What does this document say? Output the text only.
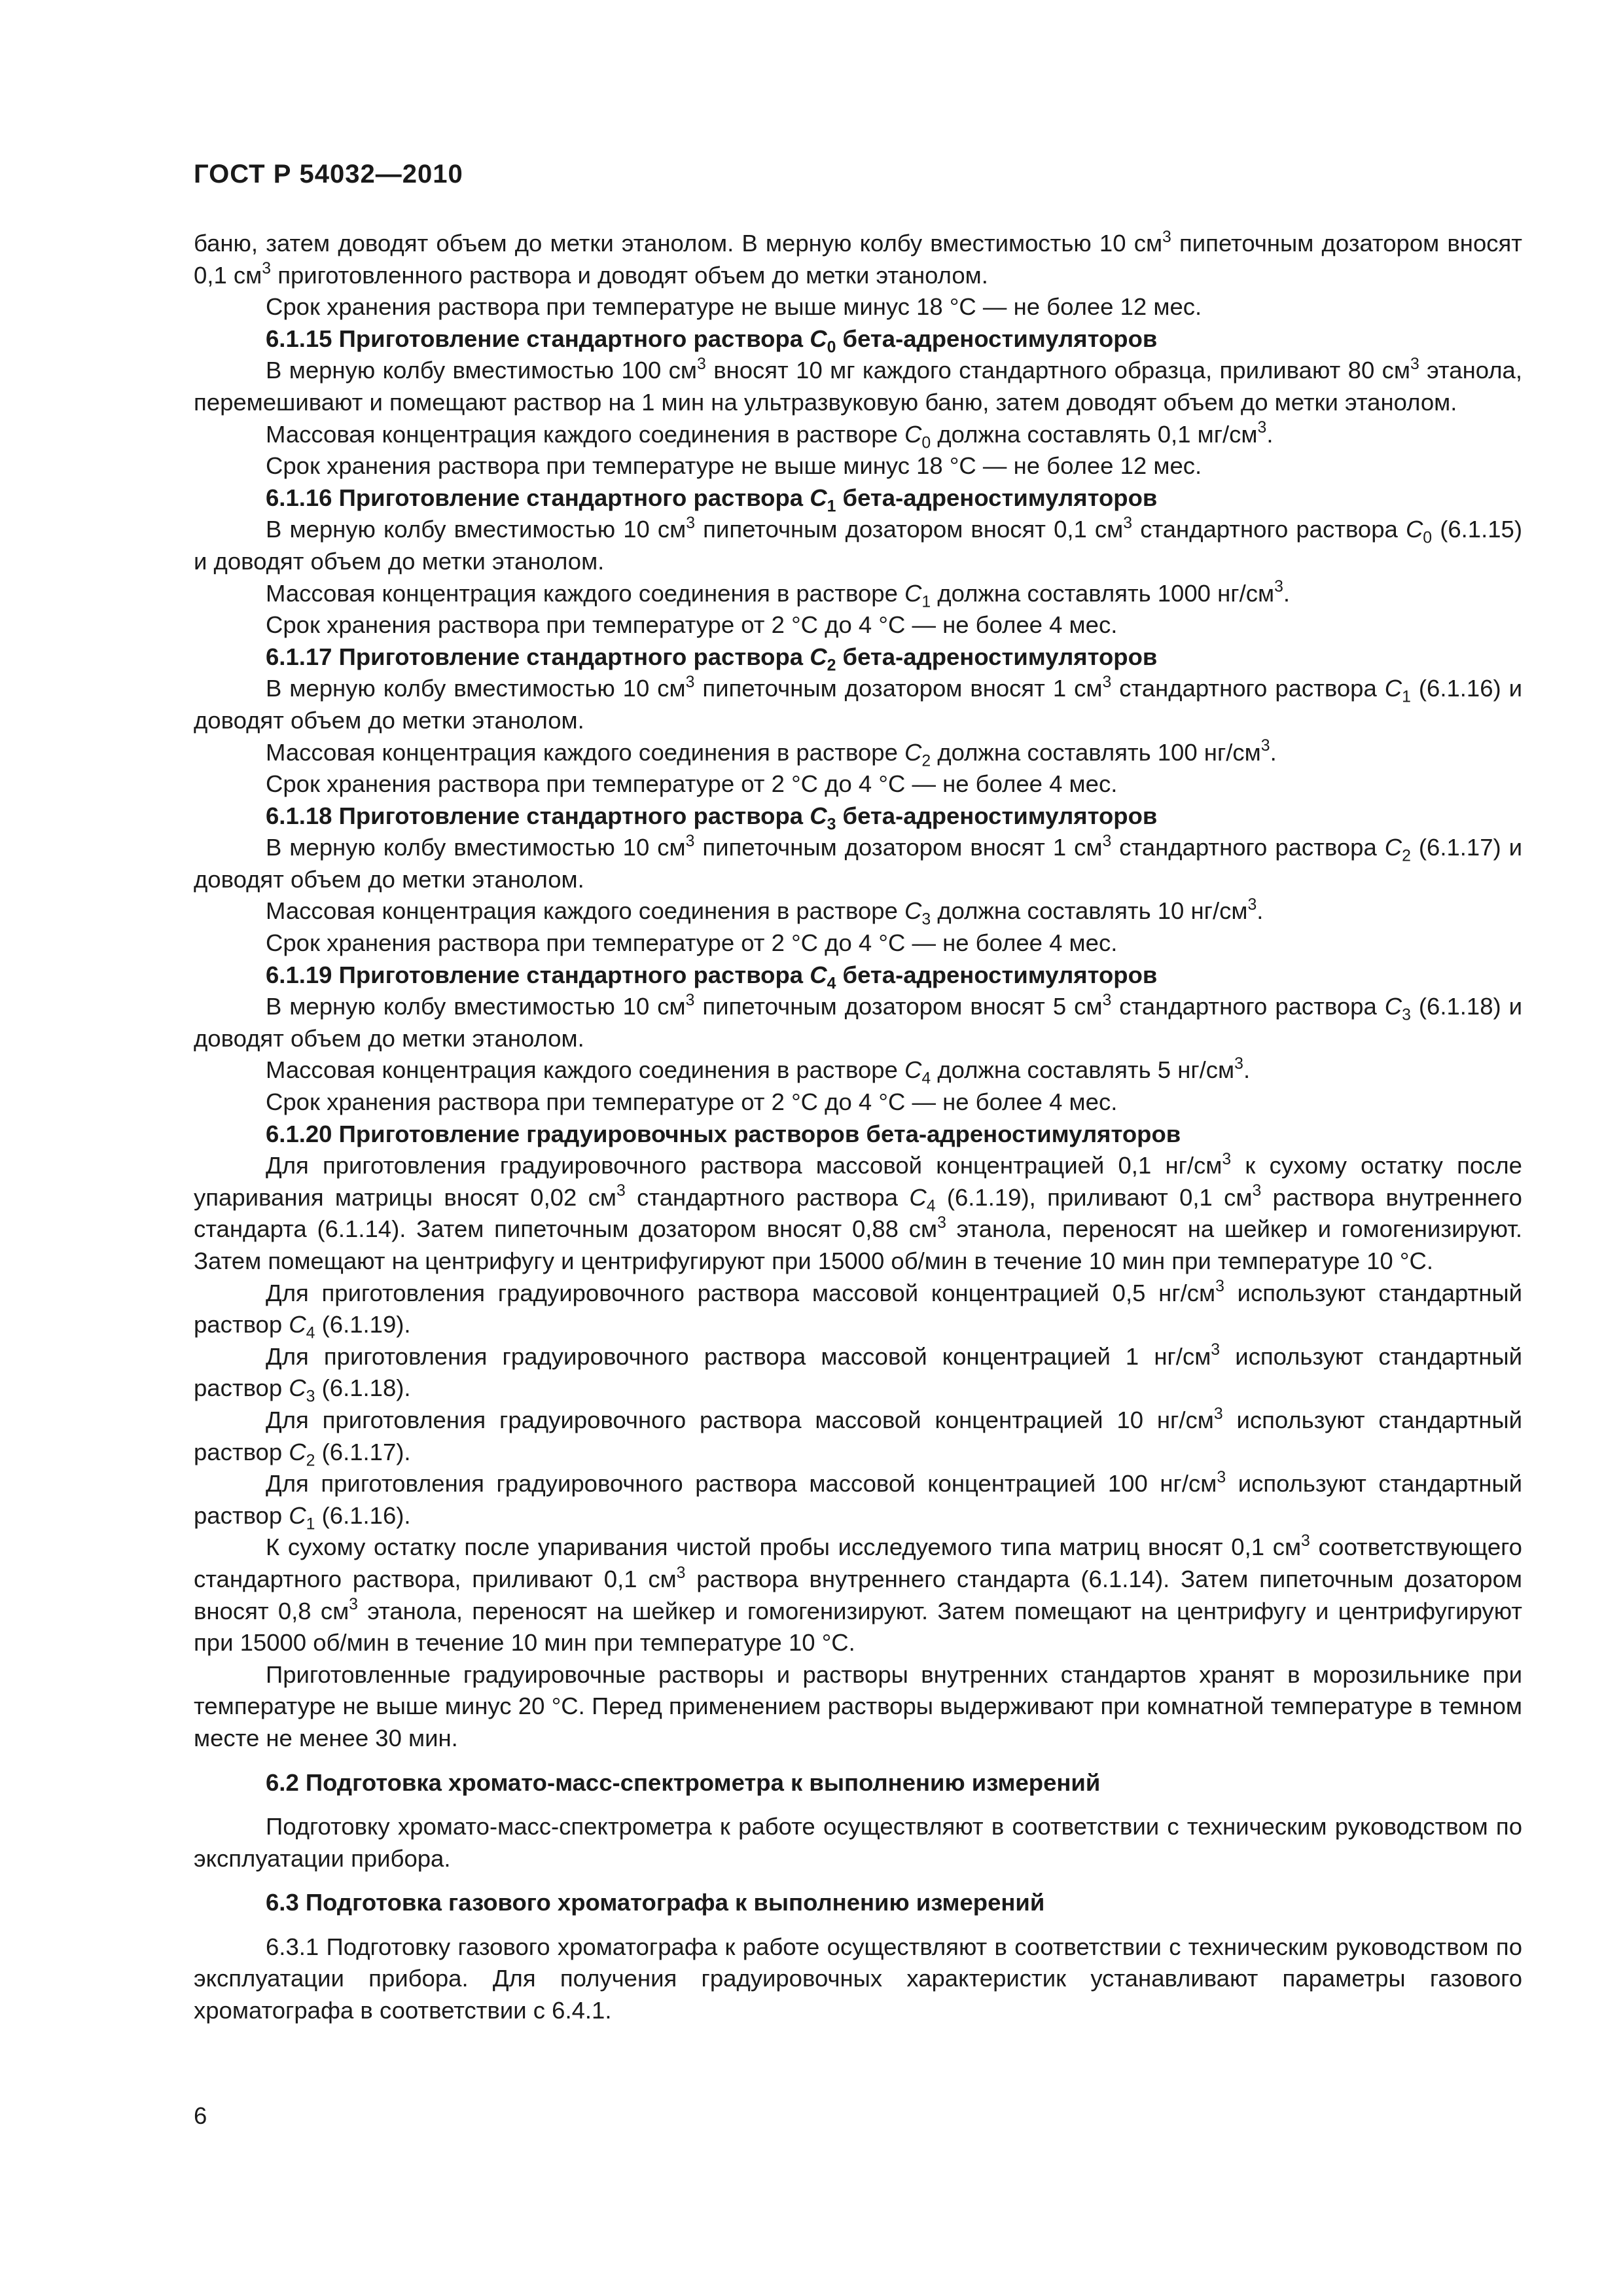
ГОСТ Р 54032—2010

баню, затем доводят объем до метки этанолом. В мерную колбу вместимостью 10 $см^3$ пипеточным дозатором вносят 0,1 $см^3$ приготовленного раствора и доводят объем до метки этанолом.

Срок хранения раствора при температуре не выше минус 18 °C — не более 12 мес.

6.1.15 Приготовление стандартного раствора $C_0$ бета-адреностимуляторов

В мерную колбу вместимостью 100 $см^3$ вносят 10 мг каждого стандартного образца, приливают 80 $см^3$ этанола, перемешивают и помещают раствор на 1 мин на ультразвуковую баню, затем доводят объем до метки этанолом.

Массовая концентрация каждого соединения в растворе $C_0$ должна составлять 0,1 $мг/см^3$.

Срок хранения раствора при температуре не выше минус 18 °C — не более 12 мес.

6.1.16 Приготовление стандартного раствора $C_1$ бета-адреностимуляторов

В мерную колбу вместимостью 10 $см^3$ пипеточным дозатором вносят 0,1 $см^3$ стандартного раствора $C_0$ (6.1.15) и доводят объем до метки этанолом.

Массовая концентрация каждого соединения в растворе $C_1$ должна составлять 1000 $нг/см^3$.

Срок хранения раствора при температуре от 2 °C до 4 °C — не более 4 мес.

6.1.17 Приготовление стандартного раствора $C_2$ бета-адреностимуляторов

В мерную колбу вместимостью 10 $см^3$ пипеточным дозатором вносят 1 $см^3$ стандартного раствора $C_1$ (6.1.16) и доводят объем до метки этанолом.

Массовая концентрация каждого соединения в растворе $C_2$ должна составлять 100 $нг/см^3$.

Срок хранения раствора при температуре от 2 °C до 4 °C — не более 4 мес.

6.1.18 Приготовление стандартного раствора $C_3$ бета-адреностимуляторов

В мерную колбу вместимостью 10 $см^3$ пипеточным дозатором вносят 1 $см^3$ стандартного раствора $C_2$ (6.1.17) и доводят объем до метки этанолом.

Массовая концентрация каждого соединения в растворе $C_3$ должна составлять 10 $нг/см^3$.

Срок хранения раствора при температуре от 2 °C до 4 °C — не более 4 мес.

6.1.19 Приготовление стандартного раствора $C_4$ бета-адреностимуляторов

В мерную колбу вместимостью 10 $см^3$ пипеточным дозатором вносят 5 $см^3$ стандартного раствора $C_3$ (6.1.18) и доводят объем до метки этанолом.

Массовая концентрация каждого соединения в растворе $C_4$ должна составлять 5 $нг/см^3$.

Срок хранения раствора при температуре от 2 °C до 4 °C — не более 4 мес.

6.1.20 Приготовление градуировочных растворов бета-адреностимуляторов

Для приготовления градуировочного раствора массовой концентрацией 0,1 $нг/см^3$ к сухому остатку после упаривания матрицы вносят 0,02 $см^3$ стандартного раствора $C_4$ (6.1.19), приливают 0,1 $см^3$ раствора внутреннего стандарта (6.1.14). Затем пипеточным дозатором вносят 0,88 $см^3$ этанола, переносят на шейкер и гомогенизируют. Затем помещают на центрифугу и центрифугируют при 15000 об/мин в течение 10 мин при температуре 10 °C.

Для приготовления градуировочного раствора массовой концентрацией 0,5 $нг/см^3$ используют стандартный раствор $C_4$ (6.1.19).

Для приготовления градуировочного раствора массовой концентрацией 1 $нг/см^3$ используют стандартный раствор $C_3$ (6.1.18).

Для приготовления градуировочного раствора массовой концентрацией 10 $нг/см^3$ используют стандартный раствор $C_2$ (6.1.17).

Для приготовления градуировочного раствора массовой концентрацией 100 $нг/см^3$ используют стандартный раствор $C_1$ (6.1.16).

К сухому остатку после упаривания чистой пробы исследуемого типа матриц вносят 0,1 $см^3$ соответствующего стандартного раствора, приливают 0,1 $см^3$ раствора внутреннего стандарта (6.1.14). Затем пипеточным дозатором вносят 0,8 $см^3$ этанола, переносят на шейкер и гомогенизируют. Затем помещают на центрифугу и центрифугируют при 15000 об/мин в течение 10 мин при температуре 10 °C.

Приготовленные градуировочные растворы и растворы внутренних стандартов хранят в морозильнике при температуре не выше минус 20 °C. Перед применением растворы выдерживают при комнатной температуре в темном месте не менее 30 мин.

6.2 Подготовка хромато-масс-спектрометра к выполнению измерений

Подготовку хромато-масс-спектрометра к работе осуществляют в соответствии с техническим руководством по эксплуатации прибора.

6.3 Подготовка газового хроматографа к выполнению измерений

6.3.1 Подготовку газового хроматографа к работе осуществляют в соответствии с техническим руководством по эксплуатации прибора. Для получения градуировочных характеристик устанавливают параметры газового хроматографа в соответствии с 6.4.1.

6
